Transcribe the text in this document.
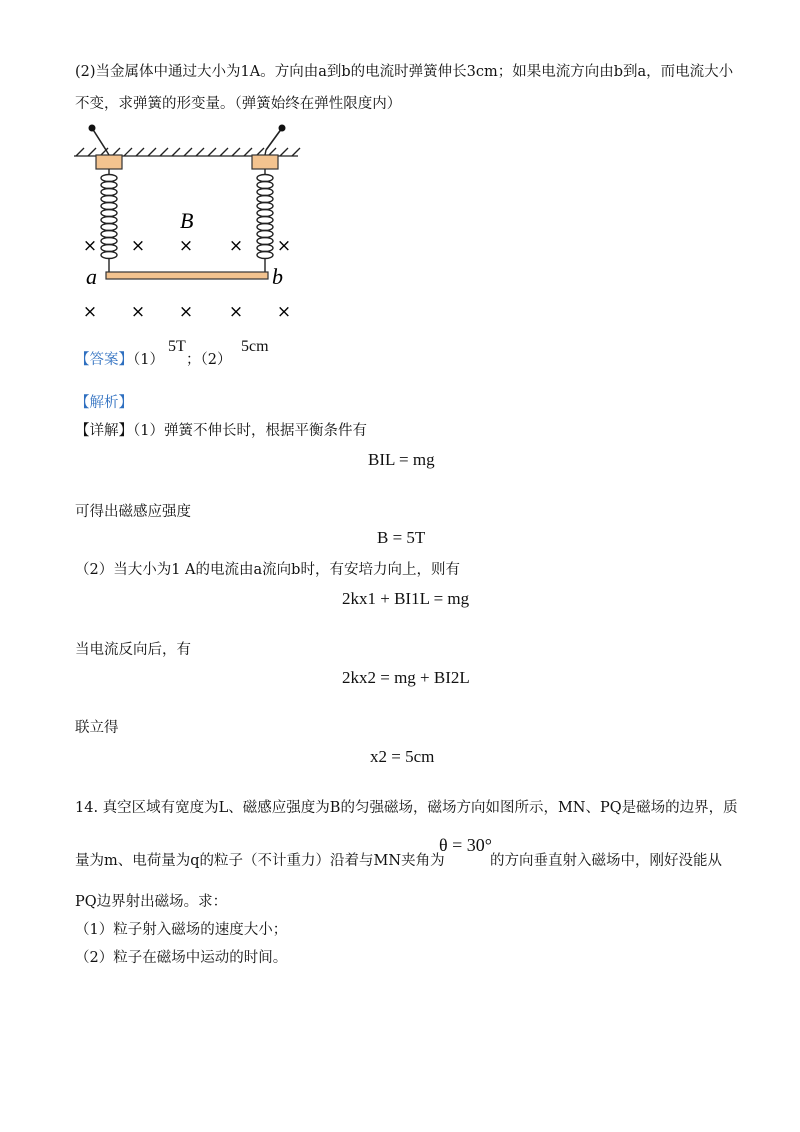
(2)当金属体中通过大小为1A。方向由a到b的电流时弹簧伸长3cm；如果电流方向由b到a，而电流大小
不变，求弹簧的形变量。（弹簧始终在弹性限度内）
B
a	b
× × × × ×
× × × × ×
【答案】（1）
5T
；（2）
5cm
【解析】
【详解】（1）弹簧不伸长时，根据平衡条件有
BIL = mg
可得出磁感应强度
B = 5T
（2）当大小为1 A的电流由a流向b时，有安培力向上，则有
2kx1 + BI1L = mg
当电流反向后，有
2kx2 = mg + BI2L
联立得
x2 = 5cm
14. 真空区域有宽度为L、磁感应强度为B的匀强磁场，磁场方向如图所示，MN、PQ是磁场的边界，质
量为m、电荷量为q的粒子（不计重力）沿着与MN夹角为
θ = 30°
的方向垂直射入磁场中，刚好没能从
PQ边界射出磁场。求：
（1）粒子射入磁场的速度大小；
（2）粒子在磁场中运动的时间。
